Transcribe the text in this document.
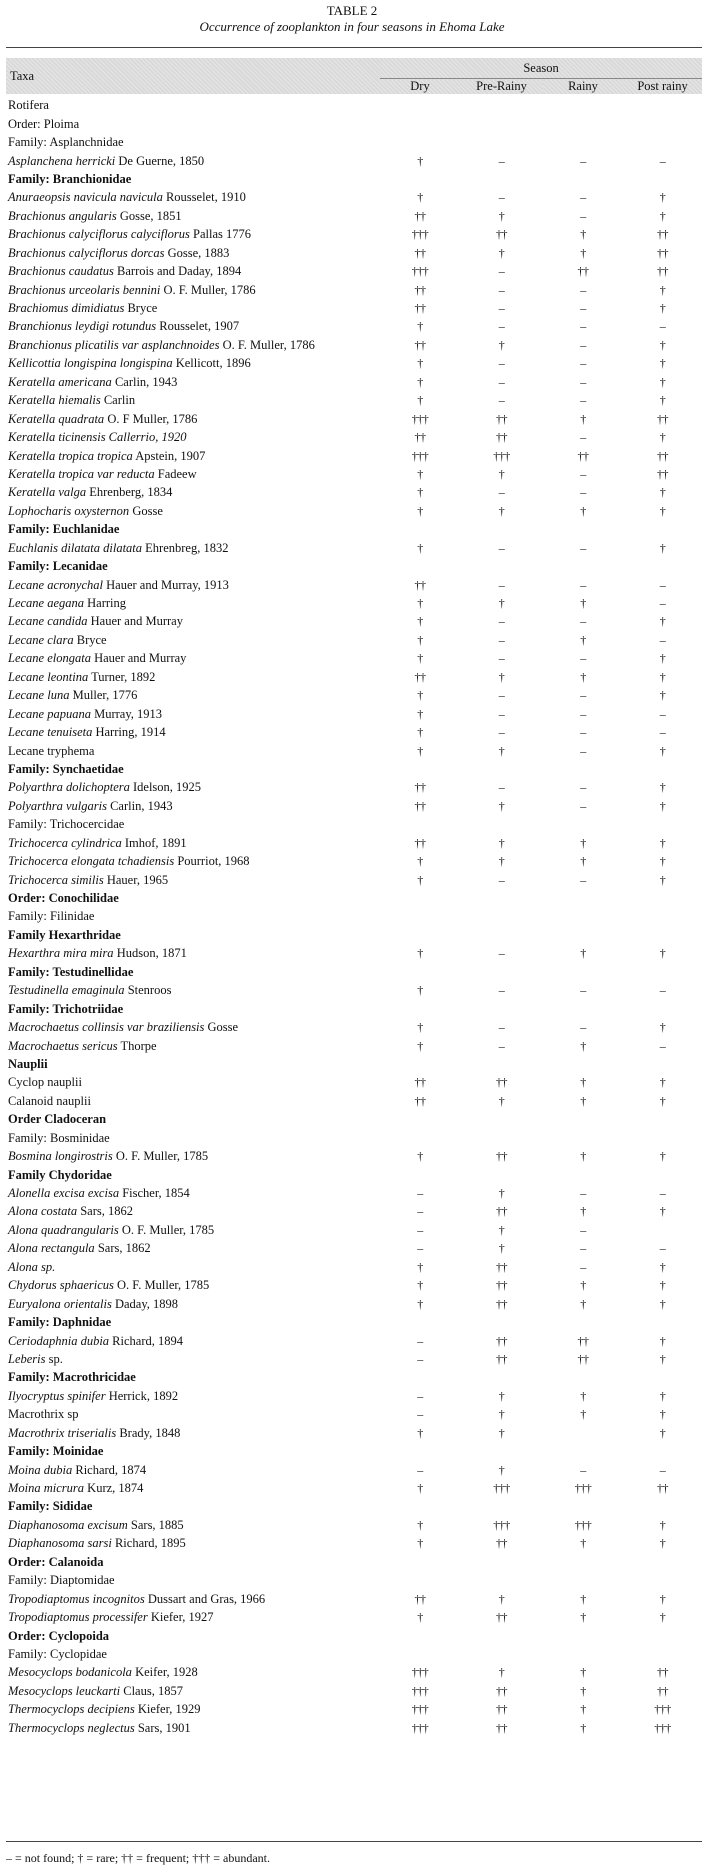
TABLE 2
Occurrence of zooplankton in four seasons in Ehoma Lake
Taxa	Season			
	Dry	Pre-Rainy	Rainy	Post rainy

Rotifera				
Order: Ploima				
Family: Asplanchnidae				
Asplanchena herricki De Guerne, 1850	†	–	–	–
Family: Branchionidae				
Anuraeopsis navicula navicula Rousselet, 1910	†	–	–	†
Brachionus angularis Gosse, 1851	††	†	–	†
Brachionus calyciflorus calyciflorus Pallas 1776	†††	††	†	††
Brachionus calyciflorus dorcas Gosse, 1883	††	†	†	††
Brachionus caudatus Barrois and Daday, 1894	†††	–	††	††
Brachionus urceolaris bennini O. F. Muller, 1786	††	–	–	†
Brachiomus dimidiatus Bryce	††	–	–	†
Branchionus leydigi rotundus Rousselet, 1907	†	–	–	–
Branchionus plicatilis var asplanchnoides O. F. Muller, 1786	††	†	–	†
Kellicottia longispina longispina Kellicott, 1896	†	–	–	†
Keratella americana Carlin, 1943	†	–	–	†
Keratella hiemalis Carlin	†	–	–	†
Keratella quadrata O. F Muller, 1786	†††	††	†	††
Keratella ticinensis Callerrio, 1920	††	††	–	†
Keratella tropica tropica Apstein, 1907	†††	†††	††	††
Keratella tropica var reducta Fadeew	†	†	–	††
Keratella valga Ehrenberg, 1834	†	–	–	†
Lophocharis oxysternon Gosse	†	†	†	†
Family: Euchlanidae				
Euchlanis dilatata dilatata Ehrenbreg, 1832	†	–	–	†
Family: Lecanidae				
Lecane acronychal Hauer and Murray, 1913	††	–	–	–
Lecane aegana Harring	†	†	†	–
Lecane candida Hauer and Murray	†	–	–	†
Lecane clara Bryce	†	–	†	–
Lecane elongata Hauer and Murray	†	–	–	†
Lecane leontina Turner, 1892	††	†	†	†
Lecane luna Muller, 1776	†	–	–	†
Lecane papuana Murray, 1913	†	–	–	–
Lecane tenuiseta Harring, 1914	†	–	–	–
Lecane tryphema	†	†	–	†
Family: Synchaetidae				
Polyarthra dolichoptera Idelson, 1925	††	–	–	†
Polyarthra vulgaris Carlin, 1943	††	†	–	†
Family: Trichocercidae				
Trichocerca cylindrica Imhof, 1891	††	†	†	†
Trichocerca elongata tchadiensis Pourriot, 1968	†	†	†	†
Trichocerca similis Hauer, 1965	†	–	–	†
Order: Conochilidae				
Family: Filinidae				
Family Hexarthridae				
Hexarthra mira mira Hudson, 1871	†	–	†	†
Family: Testudinellidae				
Testudinella emaginula Stenroos	†	–	–	–
Family: Trichotriidae				
Macrochaetus collinsis var braziliensis Gosse	†	–	–	†
Macrochaetus sericus Thorpe	†	–	†	–
Nauplii				
Cyclop nauplii	††	††	†	†
Calanoid nauplii	††	†	†	†
Order Cladoceran				
Family: Bosminidae				
Bosmina longirostris O. F. Muller, 1785	†	††	†	†
Family Chydoridae				
Alonella excisa excisa Fischer, 1854	–	†	–	–
Alona costata Sars, 1862	–	††	†	†
Alona quadrangularis O. F. Muller, 1785	–	†	–	
Alona rectangula Sars, 1862	–	†	–	–
Alona sp.	†	††	–	†
Chydorus sphaericus O. F. Muller, 1785	†	††	†	†
Euryalona orientalis Daday, 1898	†	††	†	†
Family: Daphnidae				
Ceriodaphnia dubia Richard, 1894	–	††	††	†
Leberis sp.	–	††	††	†
Family: Macrothricidae				
Ilyocryptus spinifer Herrick, 1892	–	†	†	†
Macrothrix sp	–	†	†	†
Macrothrix triserialis Brady, 1848	†	†		†
Family: Moinidae				
Moina dubia Richard, 1874	–	†	–	–
Moina micrura Kurz, 1874	†	†††	†††	††
Family: Sididae				
Diaphanosoma excisum Sars, 1885	†	†††	†††	†
Diaphanosoma sarsi Richard, 1895	†	††	†	†
Order: Calanoida				
Family: Diaptomidae				
Tropodiaptomus incognitos Dussart and Gras, 1966	††	†	†	†
Tropodiaptomus processifer Kiefer, 1927	†	††	†	†
Order: Cyclopoida				
Family: Cyclopidae				
Mesocyclops bodanicola Keifer, 1928	†††	†	†	††
Mesocyclops leuckarti Claus, 1857	†††	††	†	††
Thermocyclops decipiens Kiefer, 1929	†††	††	†	†††
Thermocyclops neglectus Sars, 1901	†††	††	†	†††
– = not found; † = rare; †† = frequent; ††† = abundant.
